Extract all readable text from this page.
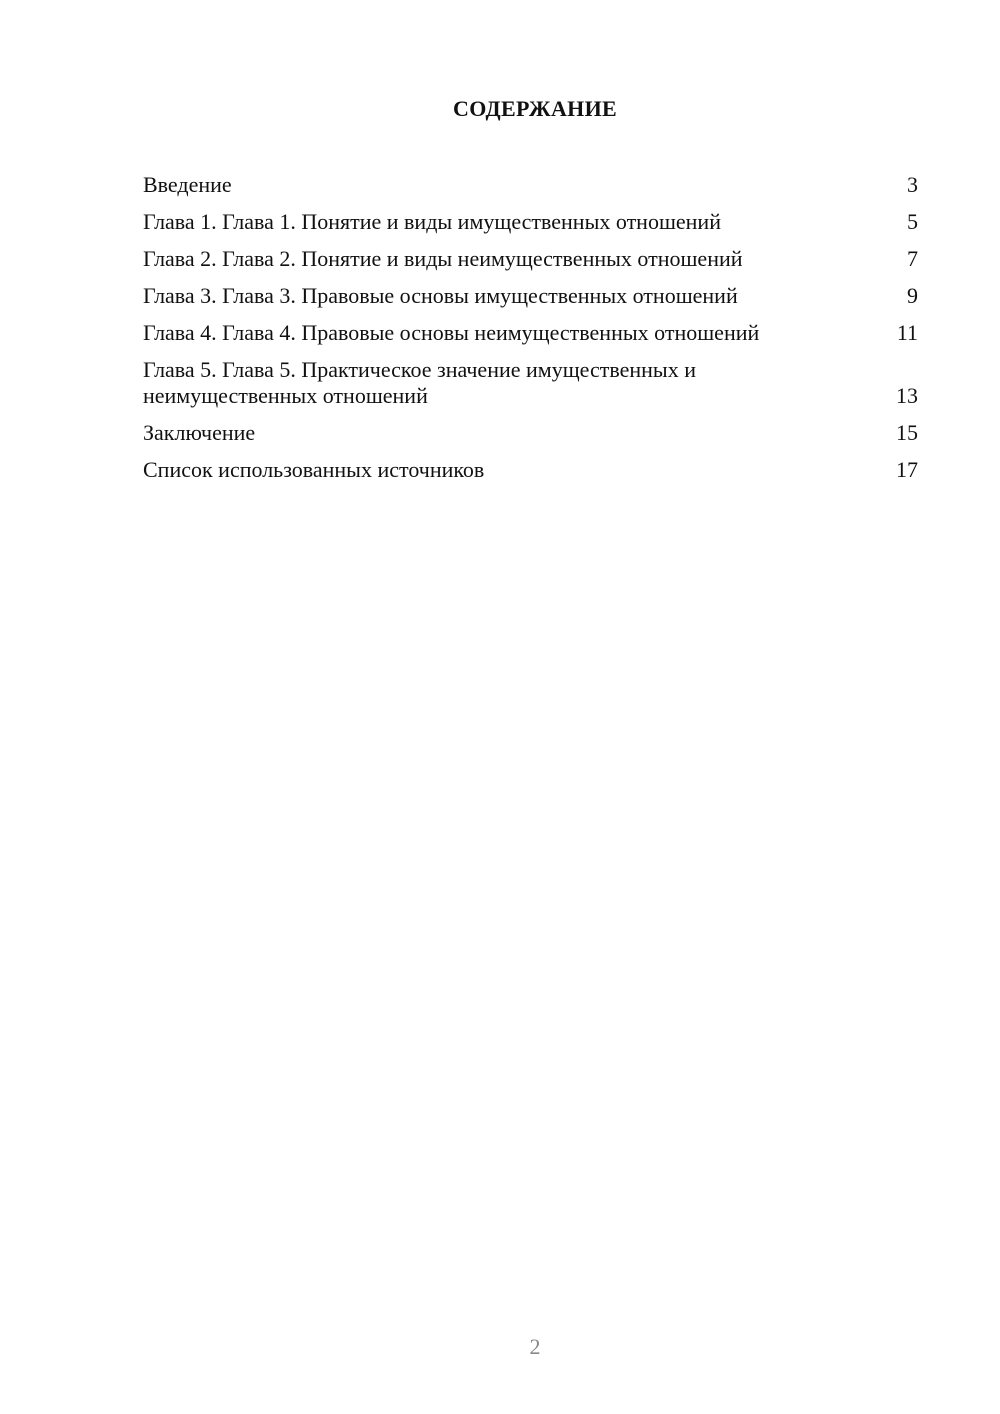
СОДЕРЖАНИЕ
Введение	3
Глава 1. Глава 1. Понятие и виды имущественных отношений	5
Глава 2. Глава 2. Понятие и виды неимущественных отношений	7
Глава 3. Глава 3. Правовые основы имущественных отношений	9
Глава 4. Глава 4. Правовые основы неимущественных отношений	11
Глава 5. Глава 5. Практическое значение имущественных и неимущественных отношений	13
Заключение	15
Список использованных источников	17
2
